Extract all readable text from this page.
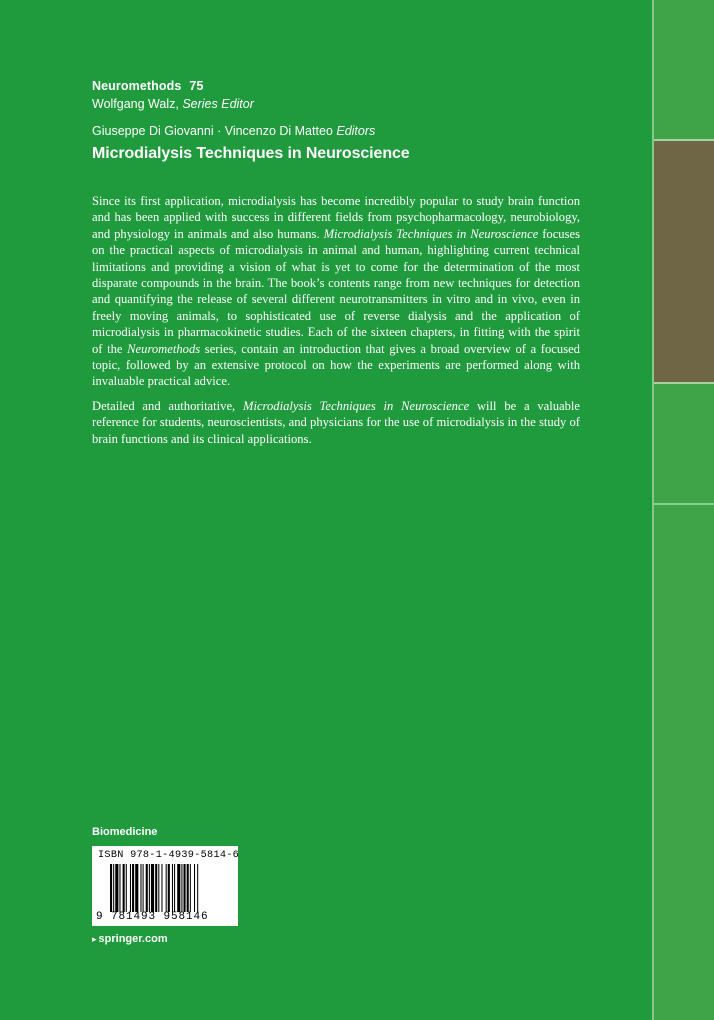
Neuromethods 75
Wolfgang Walz, Series Editor
Giuseppe Di Giovanni · Vincenzo Di Matteo Editors
Microdialysis Techniques in Neuroscience

Since its first application, microdialysis has become incredibly popular to study brain function and has been applied with success in different fields from psychopharmacology, neurobiology, and physiology in animals and also humans. Microdialysis Techniques in Neuroscience focuses on the practical aspects of microdialysis in animal and human, highlighting current technical limitations and providing a vision of what is yet to come for the determination of the most disparate compounds in the brain. The book’s contents range from new techniques for detection and quantifying the release of several different neurotransmitters in vitro and in vivo, even in freely moving animals, to sophisticated use of reverse dialysis and the application of microdialysis in pharmacokinetic studies. Each of the sixteen chapters, in fitting with the spirit of the Neuromethods series, contain an introduction that gives a broad overview of a focused topic, followed by an extensive protocol on how the experiments are performed along with invaluable practical advice.

Detailed and authoritative, Microdialysis Techniques in Neuroscience will be a valuable reference for students, neuroscientists, and physicians for the use of microdialysis in the study of brain functions and its clinical applications.

Biomedicine
ISBN 978-1-4939-5814-6
9 781493 958146
▸ springer.com
